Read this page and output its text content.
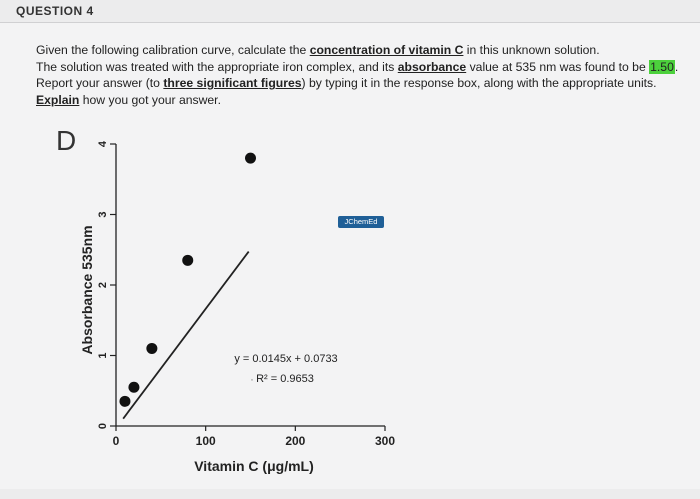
QUESTION 4

Given the following calibration curve, calculate the concentration of vitamin C in this unknown solution.

The solution was treated with the appropriate iron complex, and its absorbance value at 535 nm was found to be 1.50.

Report your answer (to three significant figures) by typing it in the response box, along with the appropriate units.

Explain how you got your answer.

D
Absorbance 535nm
Vitamin C (μg/mL)
y = 0.0145x + 0.0733
R² = 0.9653
·
0
1
2
3
4
0	100	200	300
JChemEd
